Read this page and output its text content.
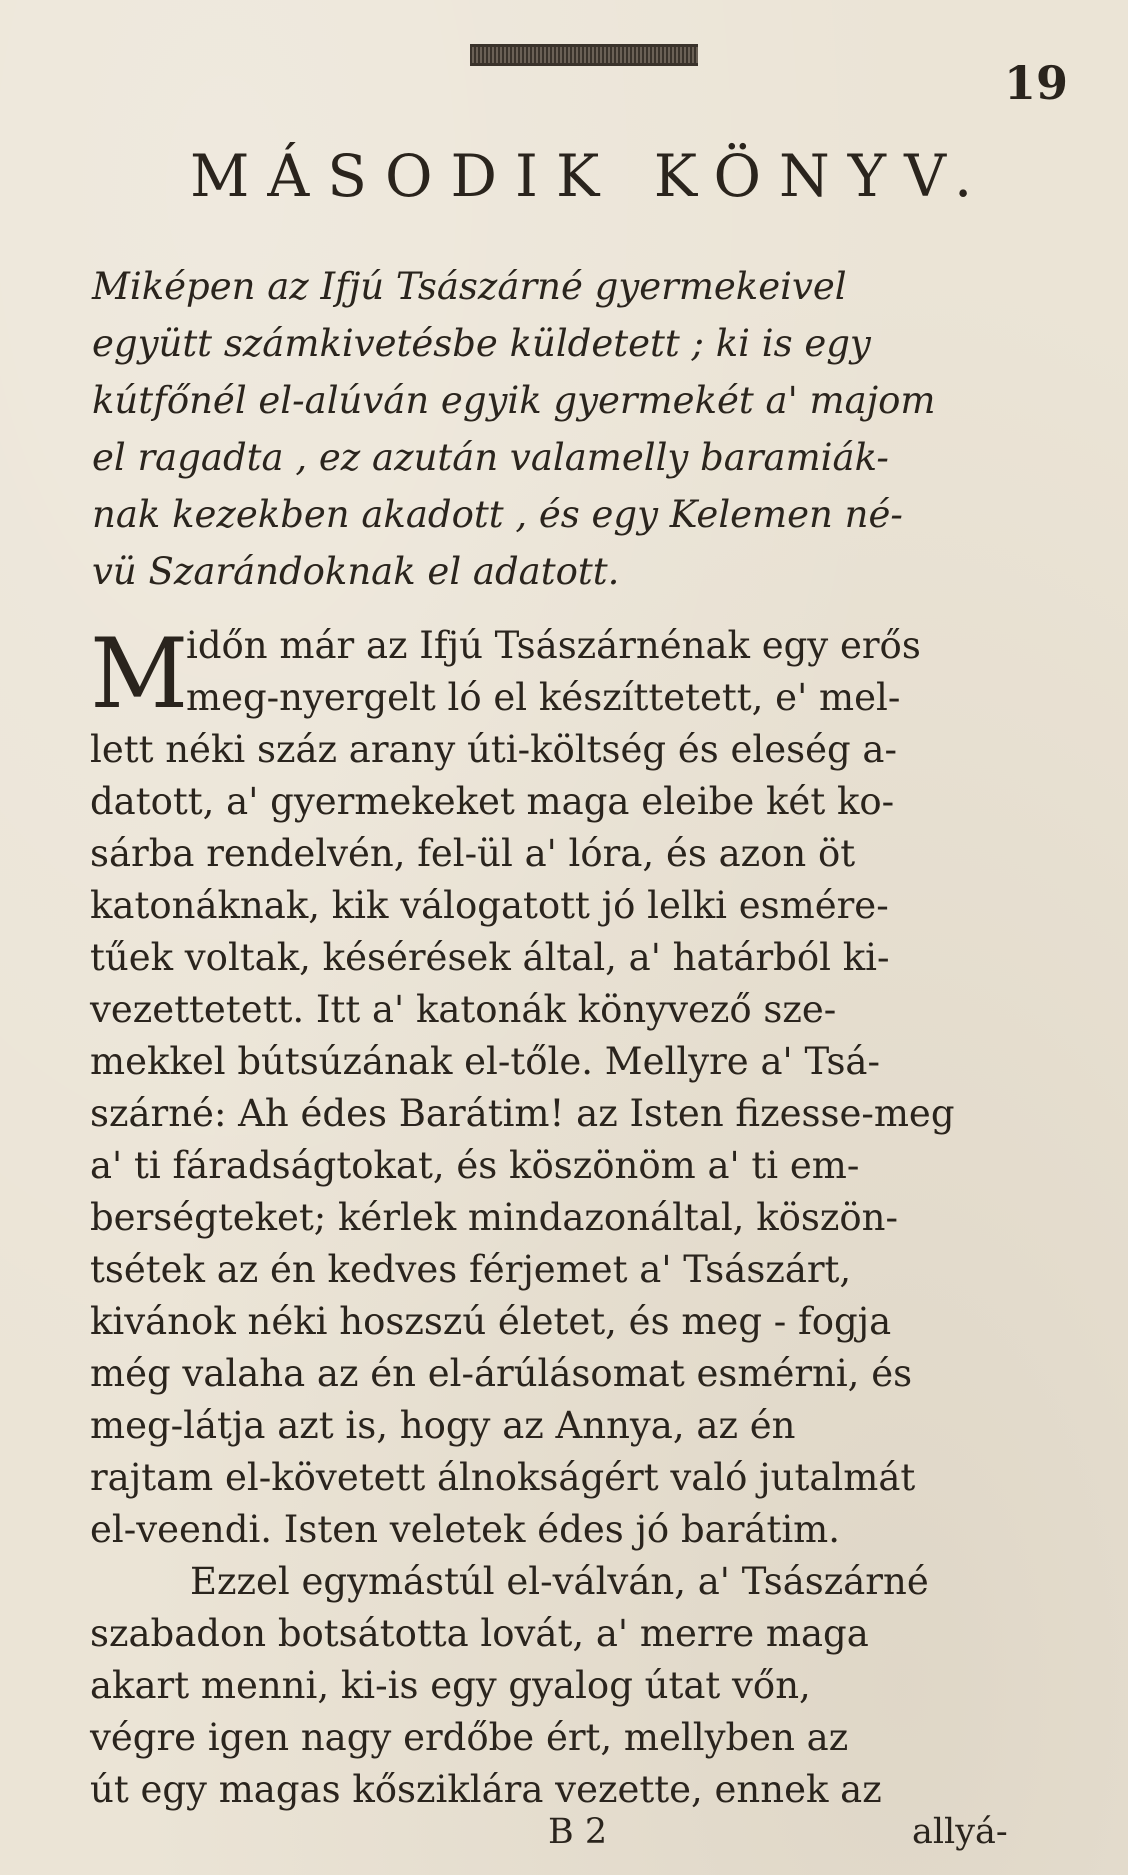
19
MÁSODIK KÖNYV.
Miképen az Ifjú Tsászárné gyermekeivel
együtt számkivetésbe küldetett ; ki is egy
kútfőnél el-alúván egyik gyermekét a' majom
el ragadta , ez azután valamelly baramiák-
nak kezekben akadott , és egy Kelemen né-
vü Szarándoknak el adatott.
M
időn már az Ifjú Tsászárnénak egy erős
meg-nyergelt ló el készíttetett, e' mel-
lett néki száz arany úti-költség és eleség a-
datott, a' gyermekeket maga eleibe két ko-
sárba rendelvén, fel-ül a' lóra, és azon öt
katonáknak, kik válogatott jó lelki esmére-
tűek voltak, késérések által, a' határból ki-
vezettetett. Itt a' katonák könyvező sze-
mekkel bútsúzának el-tőle. Mellyre a' Tsá-
szárné: Ah édes Barátim! az Isten fizesse-meg
a' ti fáradságtokat, és köszönöm a' ti em-
berségteket; kérlek mindazonáltal, köszön-
tsétek az én kedves férjemet a' Tsászárt,
kivánok néki hoszszú életet, és meg - fogja
még valaha az én el-árúlásomat esmérni, és
meg-látja azt is, hogy az Annya, az én
rajtam el-követett álnokságért való jutalmát
el-veendi. Isten veletek édes jó barátim.
Ezzel egymástúl el-válván, a' Tsászárné
szabadon botsátotta lovát, a' merre maga
akart menni, ki-is egy gyalog útat vőn,
végre igen nagy erdőbe ért, mellyben az
út egy magas kősziklára vezette, ennek az
B 2	allyá-
